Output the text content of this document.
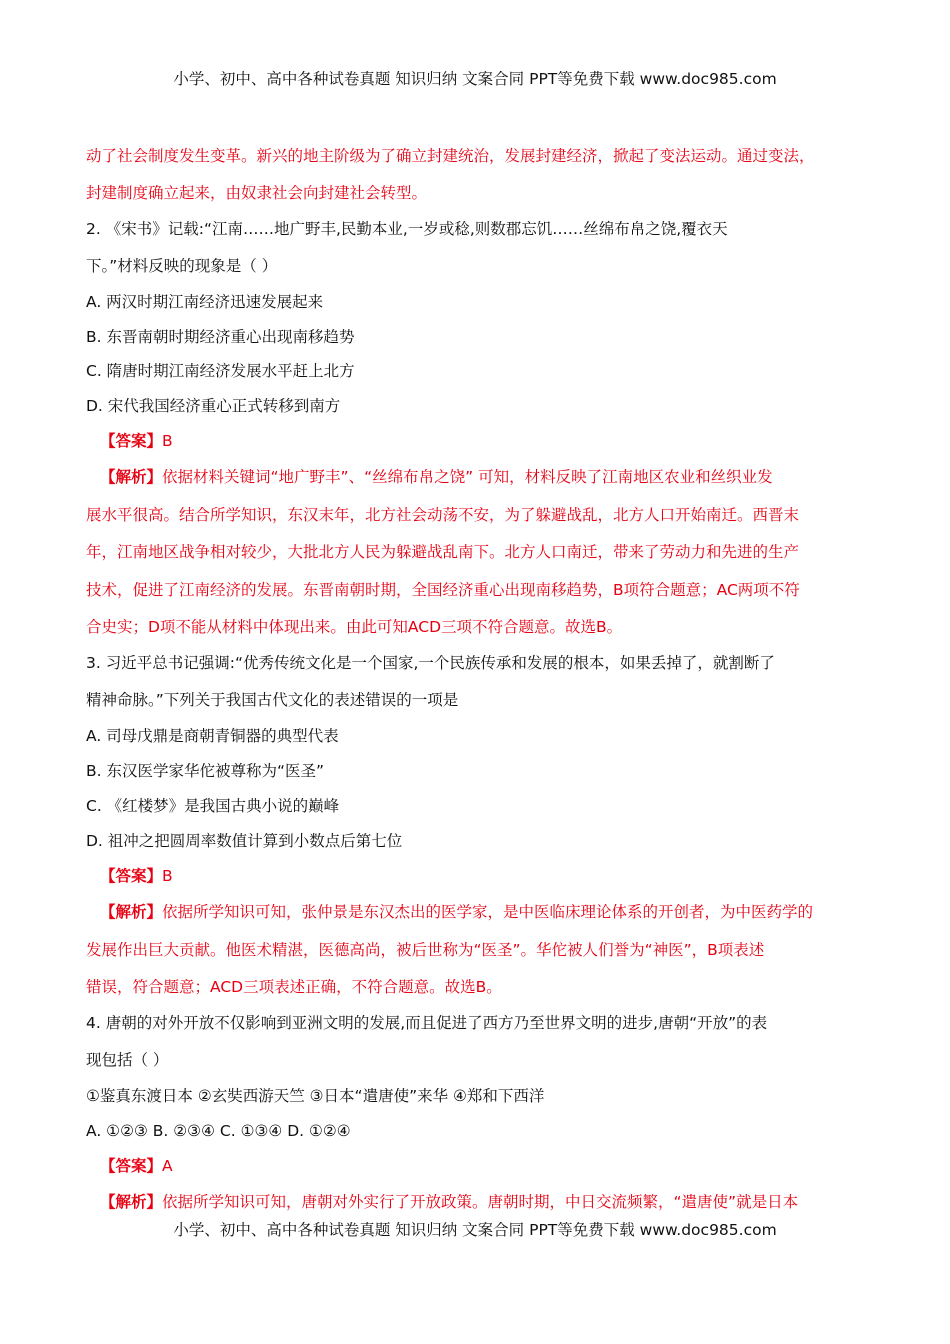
小学、初中、高中各种试卷真题 知识归纳 文案合同 PPT等免费下载 www.doc985.com
动了社会制度发生变革。新兴的地主阶级为了确立封建统治，发展封建经济，掀起了变法运动。通过变法，
封建制度确立起来，由奴隶社会向封建社会转型。
2. 《宋书》记载:“江南……地广野丰,民勤本业,一岁或稔,则数郡忘饥……丝绵布帛之饶,覆衣天
下。”材料反映的现象是（ ）
A. 两汉时期江南经济迅速发展起来
B. 东晋南朝时期经济重心出现南移趋势
C. 隋唐时期江南经济发展水平赶上北方
D. 宋代我国经济重心正式转移到南方
【答案】B
【解析】依据材料关键词“地广野丰”、“丝绵布帛之饶” 可知，材料反映了江南地区农业和丝织业发
展水平很高。结合所学知识，东汉末年，北方社会动荡不安，为了躲避战乱，北方人口开始南迁。西晋末
年，江南地区战争相对较少，大批北方人民为躲避战乱南下。北方人口南迁，带来了劳动力和先进的生产
技术，促进了江南经济的发展。东晋南朝时期，全国经济重心出现南移趋势，B项符合题意；AC两项不符
合史实；D项不能从材料中体现出来。由此可知ACD三项不符合题意。故选B。
3. 习近平总书记强调:“优秀传统文化是一个国家,一个民族传承和发展的根本，如果丢掉了，就割断了
精神命脉。”下列关于我国古代文化的表述错误的一项是
A. 司母戊鼎是商朝青铜器的典型代表
B. 东汉医学家华佗被尊称为“医圣”
C. 《红楼梦》是我国古典小说的巅峰
D. 祖冲之把圆周率数值计算到小数点后第七位
【答案】B
【解析】依据所学知识可知，张仲景是东汉杰出的医学家，是中医临床理论体系的开创者，为中医药学的
发展作出巨大贡献。他医术精湛，医德高尚，被后世称为“医圣”。华佗被人们誉为“神医”，B项表述
错误，符合题意；ACD三项表述正确，不符合题意。故选B。
4. 唐朝的对外开放不仅影响到亚洲文明的发展,而且促进了西方乃至世界文明的进步,唐朝“开放”的表
现包括（ ）
①鉴真东渡日本 ②玄奘西游天竺 ③日本“遣唐使”来华 ④郑和下西洋
A. ①②③ B. ②③④ C. ①③④ D. ①②④
【答案】A
【解析】依据所学知识可知，唐朝对外实行了开放政策。唐朝时期，中日交流频繁，“遣唐使”就是日本
小学、初中、高中各种试卷真题 知识归纳 文案合同 PPT等免费下载 www.doc985.com
